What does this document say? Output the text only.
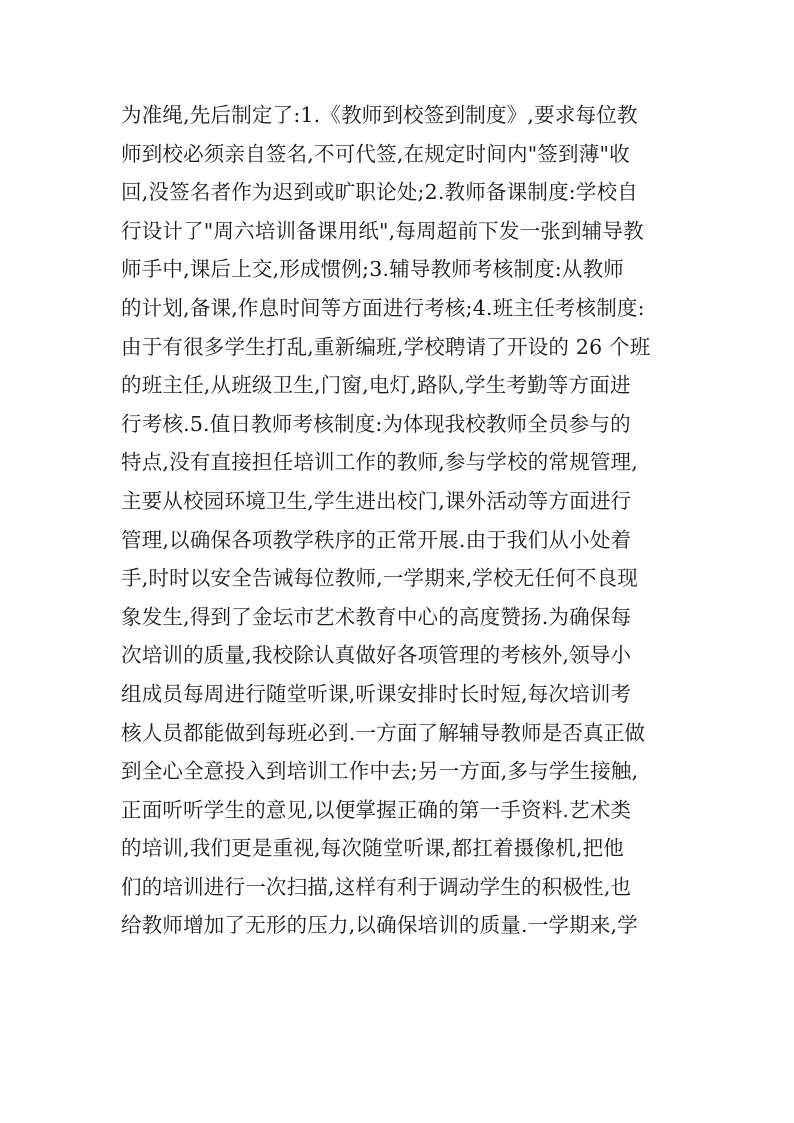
为准绳,先后制定了:1.《教师到校签到制度》,要求每位教
师到校必须亲自签名,不可代签,在规定时间内"签到薄"收
回,没签名者作为迟到或旷职论处;2.教师备课制度:学校自
行设计了"周六培训备课用纸",每周超前下发一张到辅导教
师手中,课后上交,形成惯例;3.辅导教师考核制度:从教师
的计划,备课,作息时间等方面进行考核;4.班主任考核制度:
由于有很多学生打乱,重新编班,学校聘请了开设的 26 个班
的班主任,从班级卫生,门窗,电灯,路队,学生考勤等方面进
行考核.5.值日教师考核制度:为体现我校教师全员参与的
特点,没有直接担任培训工作的教师,参与学校的常规管理,
主要从校园环境卫生,学生进出校门,课外活动等方面进行
管理,以确保各项教学秩序的正常开展.由于我们从小处着
手,时时以安全告诫每位教师,一学期来,学校无任何不良现
象发生,得到了金坛市艺术教育中心的高度赞扬.为确保每
次培训的质量,我校除认真做好各项管理的考核外,领导小
组成员每周进行随堂听课,听课安排时长时短,每次培训考
核人员都能做到每班必到.一方面了解辅导教师是否真正做
到全心全意投入到培训工作中去;另一方面,多与学生接触,
正面听听学生的意见,以便掌握正确的第一手资料.艺术类
的培训,我们更是重视,每次随堂听课,都扛着摄像机,把他
们的培训进行一次扫描,这样有利于调动学生的积极性,也
给教师增加了无形的压力,以确保培训的质量.一学期来,学
